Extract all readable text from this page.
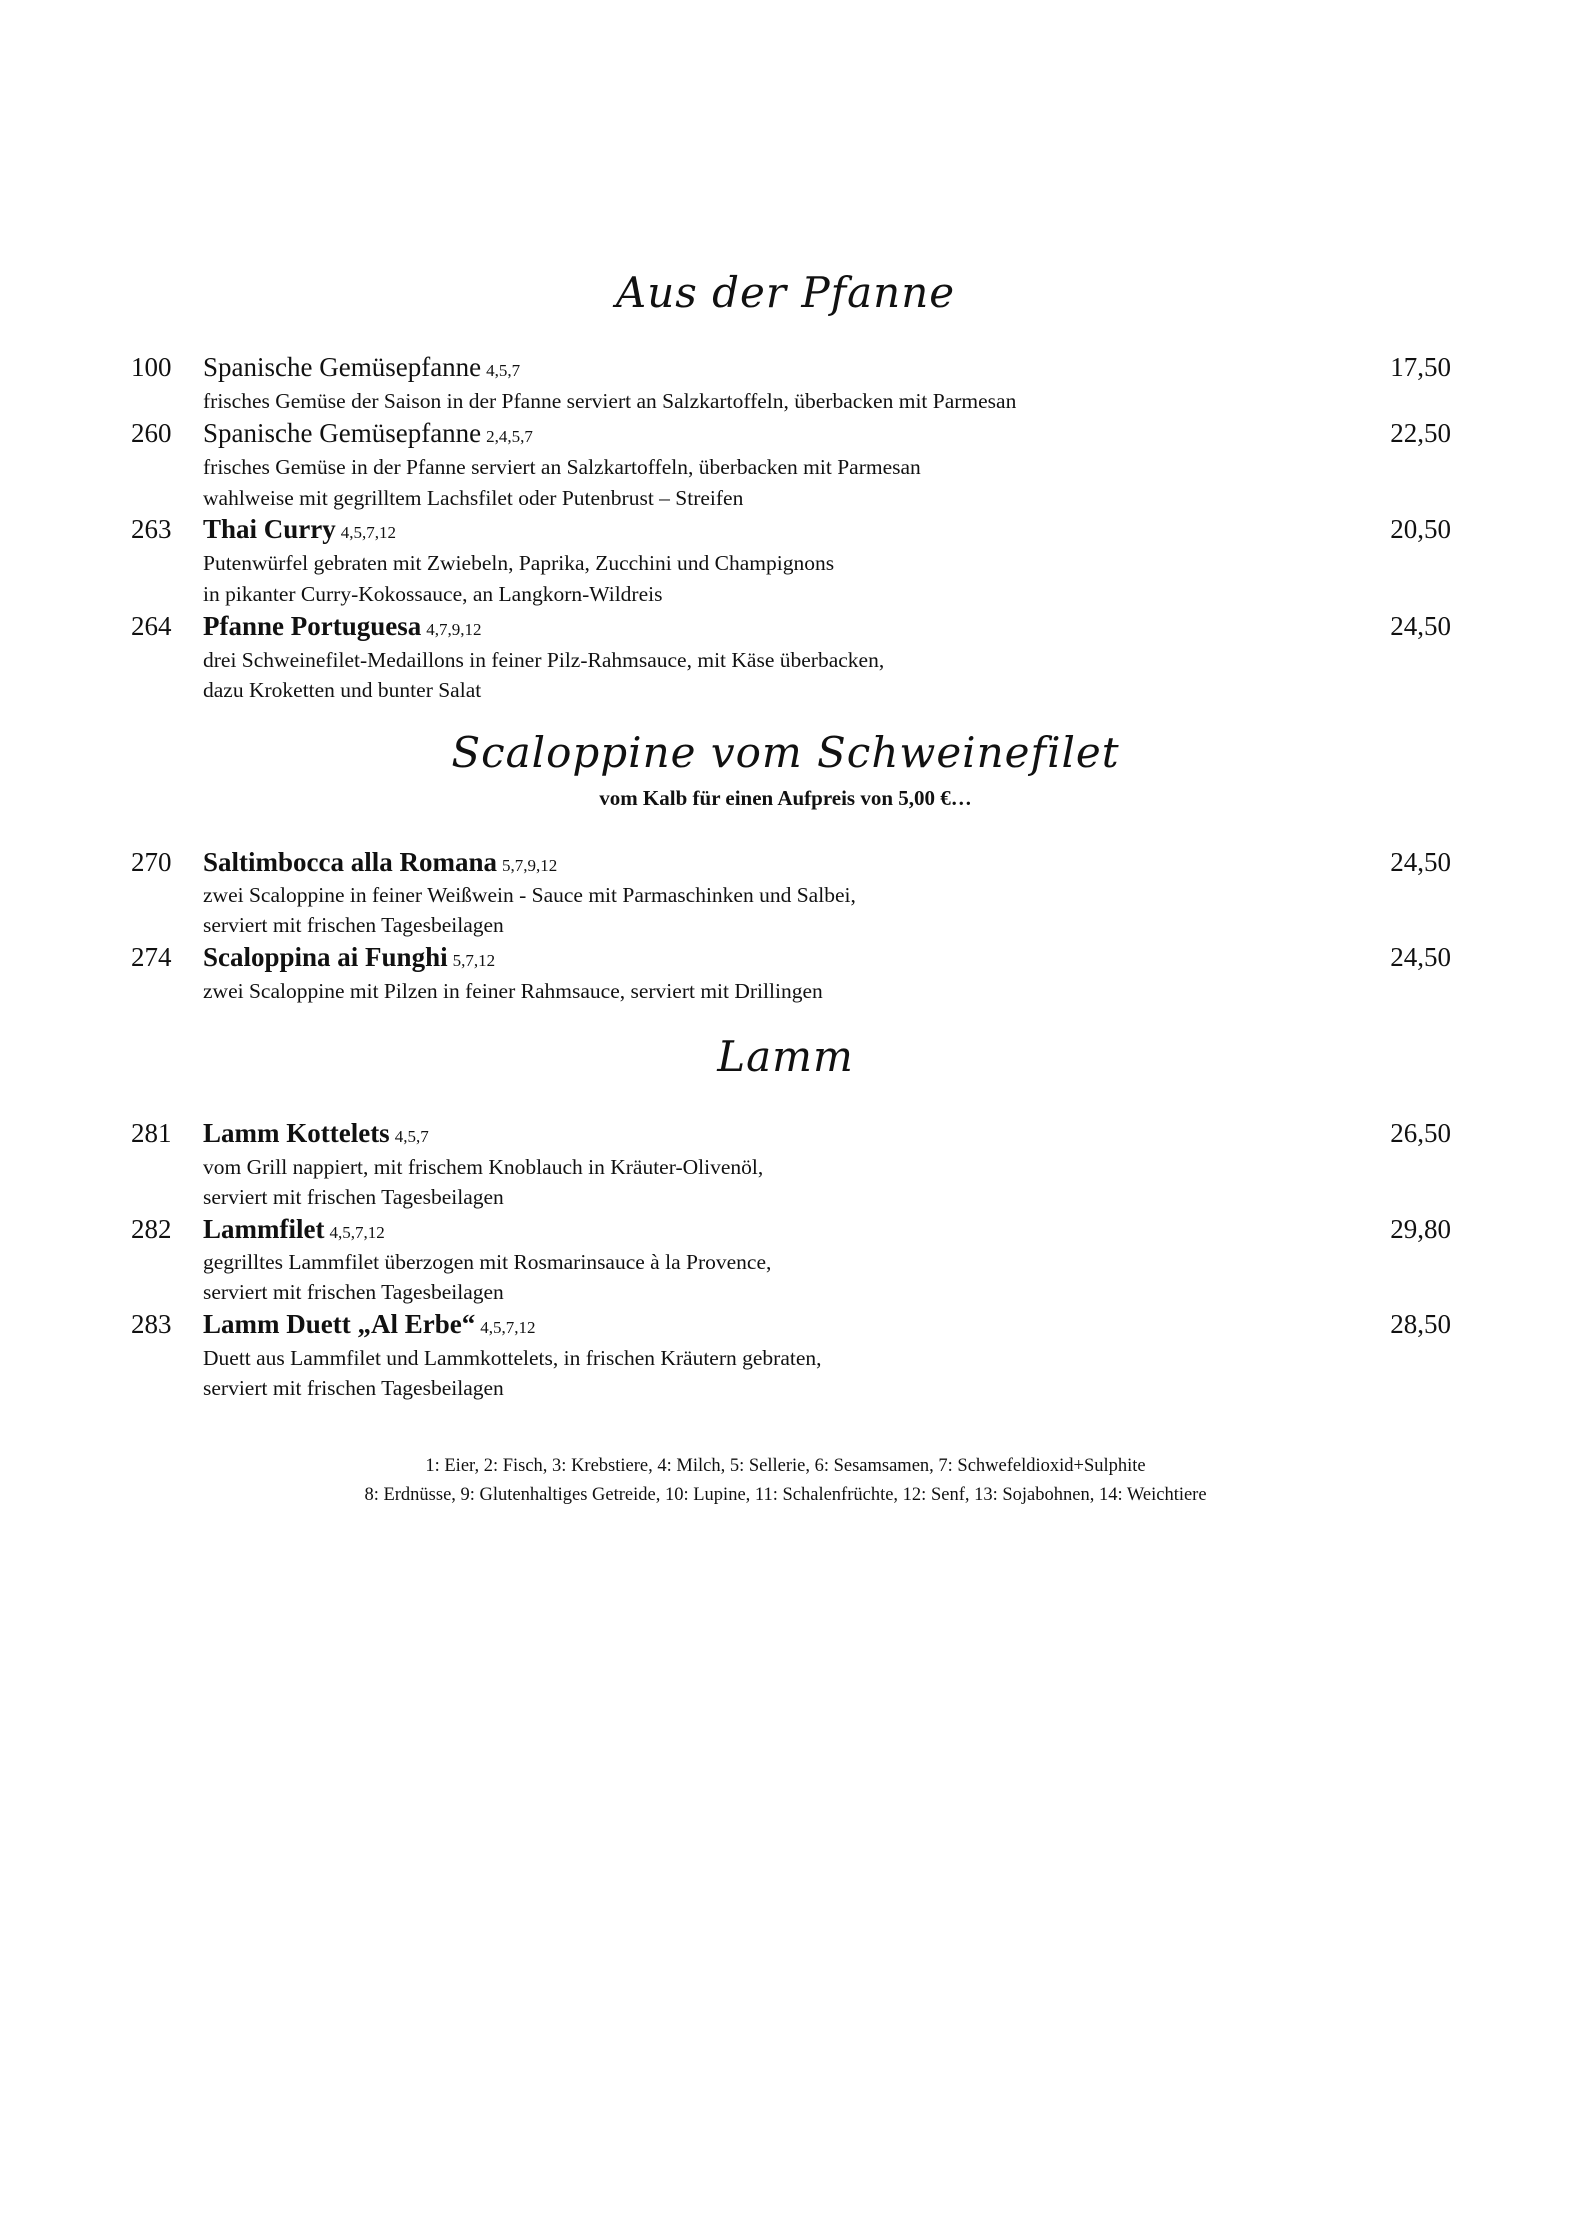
Aus der Pfanne
100 Spanische Gemüsepfanne 4,5,7	17,50
frisches Gemüse der Saison in der Pfanne serviert an Salzkartoffeln, überbacken mit Parmesan
260 Spanische Gemüsepfanne 2,4,5,7	22,50
frisches Gemüse in der Pfanne serviert an Salzkartoffeln, überbacken mit Parmesan
wahlweise mit gegrilltem Lachsfilet oder Putenbrust – Streifen
263 Thai Curry 4,5,7,12	20,50
Putenwürfel gebraten mit Zwiebeln, Paprika, Zucchini und Champignons
in pikanter Curry-Kokossauce, an Langkorn-Wildreis
264 Pfanne Portuguesa 4,7,9,12	24,50
drei Schweinefilet-Medaillons in feiner Pilz-Rahmsauce, mit Käse überbacken,
dazu Kroketten und bunter Salat
Scaloppine vom Schweinefilet
vom Kalb für einen Aufpreis von 5,00 €…
270 Saltimbocca alla Romana 5,7,9,12	24,50
zwei Scaloppine in feiner Weißwein - Sauce mit Parmaschinken und Salbei,
serviert mit frischen Tagesbeilagen
274 Scaloppina ai Funghi 5,7,12	24,50
zwei Scaloppine mit Pilzen in feiner Rahmsauce, serviert mit Drillingen
Lamm
281 Lamm Kottelets 4,5,7	26,50
vom Grill nappiert, mit frischem Knoblauch in Kräuter-Olivenöl,
serviert mit frischen Tagesbeilagen
282 Lammfilet 4,5,7,12	29,80
gegrilltes Lammfilet überzogen mit Rosmarinsauce à la Provence,
serviert mit frischen Tagesbeilagen
283 Lamm Duett „Al Erbe“ 4,5,7,12	28,50
Duett aus Lammfilet und Lammkottelets, in frischen Kräutern gebraten,
serviert mit frischen Tagesbeilagen
1: Eier, 2: Fisch, 3: Krebstiere, 4: Milch, 5: Sellerie, 6: Sesamsamen, 7: Schwefeldioxid+Sulphite
8: Erdnüsse, 9: Glutenhaltiges Getreide, 10: Lupine, 11: Schalenfrüchte, 12: Senf, 13: Sojabohnen, 14: Weichtiere
